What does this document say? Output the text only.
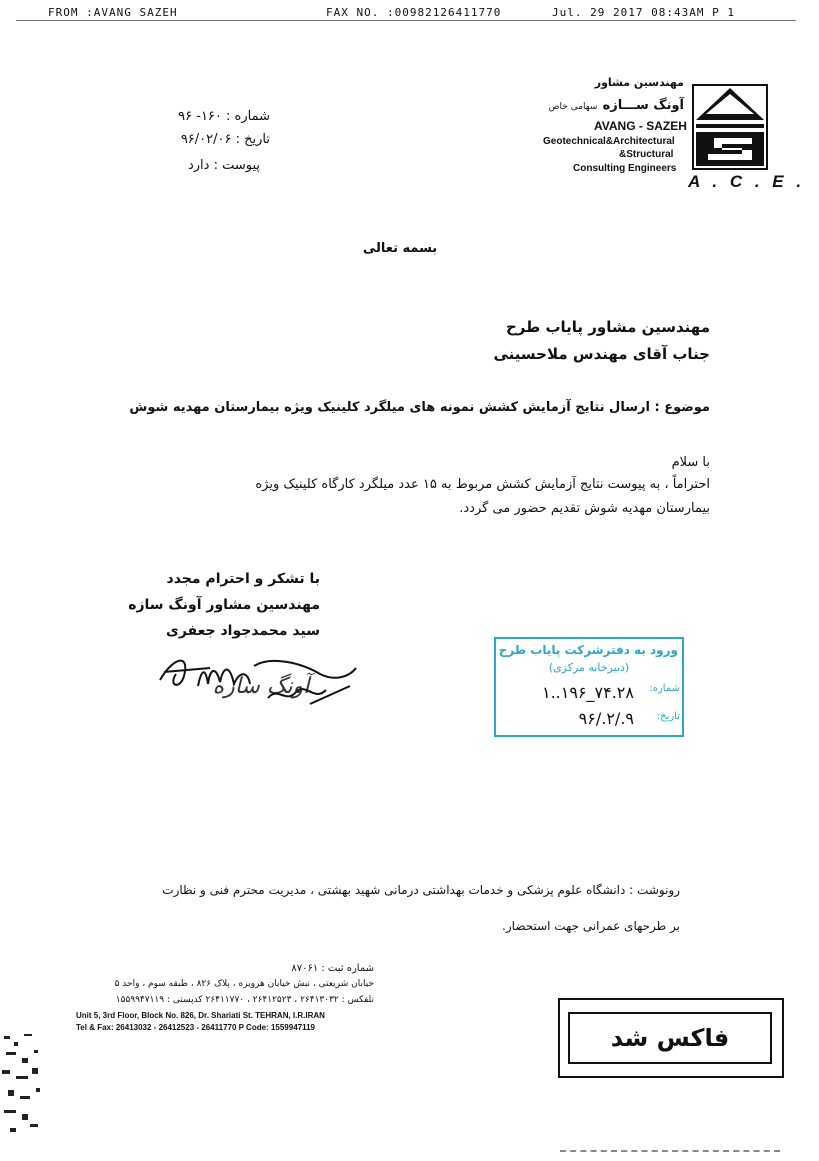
FROM :AVANG SAZEH	FAX NO. :00982126411770	Jul. 29 2017 08:43AM P 1
مهندسین مشاور
آونگ ســـازه سهامی خاص
AVANG - SAZEH
Geotechnical&Architectural
&Structural
Consulting Engineers
A . C . E .
شماره : ۱۶۰- ۹۶
تاریخ : ۹۶/۰۲/۰۶
پیوست : دارد
بسمه تعالی
مهندسین مشاور پایاب طرح
جناب آقای مهندس ملاحسینی
موضوع : ارسال نتایج آزمایش کشش نمونه های میلگرد کلینیک ویژه بیمارستان مهدیه شوش
با سلام
احتراماً ، به پیوست نتایج آزمایش کشش مربوط به ۱۵ عدد میلگرد کارگاه کلینیک ویژه
بیمارستان مهدیه شوش تقدیم حضور می گردد.
با تشکر و احترام مجدد
مهندسین مشاور آونگ سازه
سید محمدجواد جعفری
آونگ سازه
ورود به دفترشرکت پایاب طرح
(دبیرخانه مرکزی)
شماره:
۱..۱۹۶_۷۴.۲۸
تاریخ:
۹۶/.۲/.۹
رونوشت : دانشگاه علوم پزشکی و خدمات بهداشتی درمانی شهید بهشتی ، مدیریت محترم فنی و نظارت
بر طرحهای عمرانی جهت استحضار.
شماره ثبت : ۸۷۰۶۱
خیابان شریعتی ، نبش خیابان هرویزه ، پلاک ۸۲۶ ، طبقه سوم ، واحد ۵
تلفکس : ۲۶۴۱۳۰۳۲ ، ۲۶۴۱۲۵۲۳ ، ۲۶۴۱۱۷۷۰ کدپستی : ۱۵۵۹۹۴۷۱۱۹
Unit 5, 3rd Floor, Block No. 826, Dr. Shariati St. TEHRAN, I.R.IRAN
Tel & Fax: 26413032 - 26412523 - 26411770 P Code: 1559947119	فاکس شد
